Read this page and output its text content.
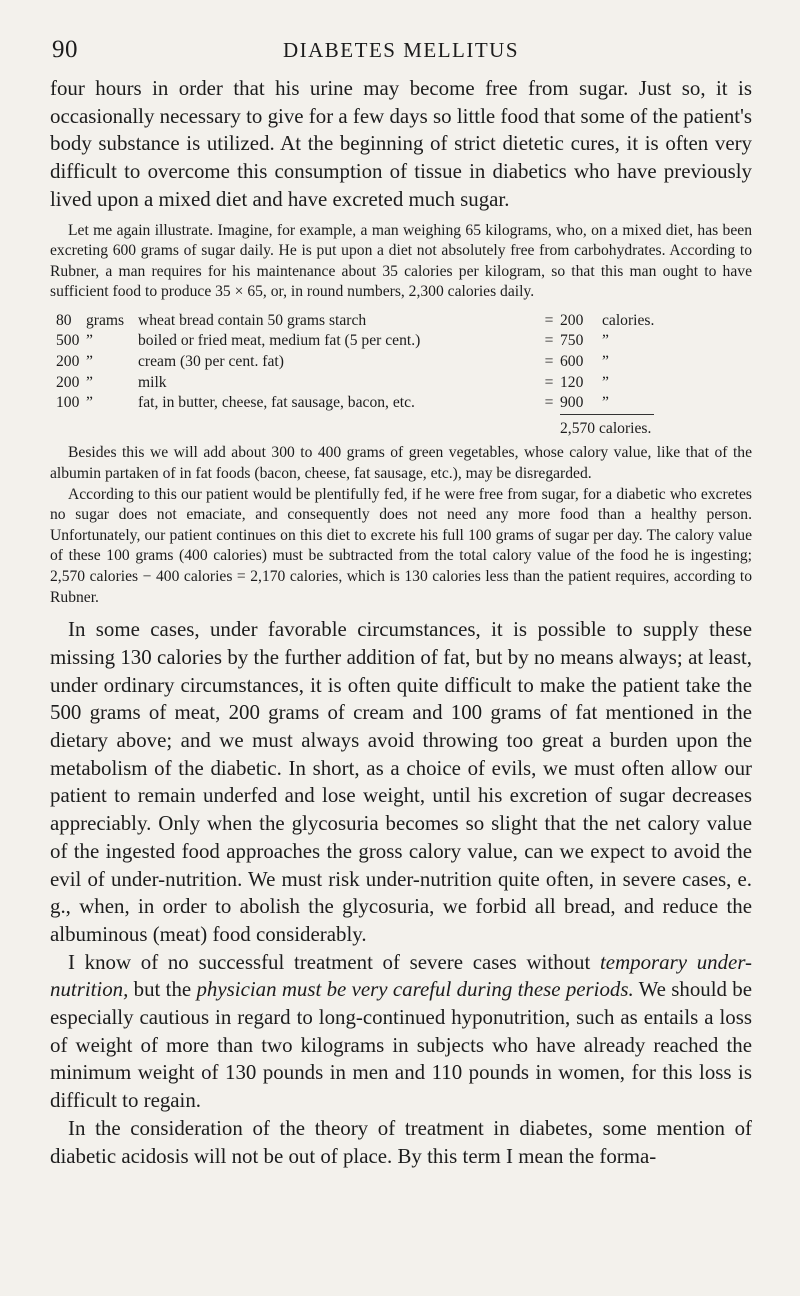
90	DIABETES MELLITUS

four hours in order that his urine may become free from sugar. Just so, it is occasionally necessary to give for a few days so little food that some of the patient's body substance is utilized. At the beginning of strict dietetic cures, it is often very difficult to overcome this consumption of tissue in diabetics who have previously lived upon a mixed diet and have excreted much sugar.

Let me again illustrate. Imagine, for example, a man weighing 65 kilograms, who, on a mixed diet, has been excreting 600 grams of sugar daily. He is put upon a diet not absolutely free from carbohydrates. According to Rubner, a man requires for his maintenance about 35 calories per kilogram, so that this man ought to have sufficient food to produce 35 × 65, or, in round numbers, 2,300 calories daily.

80	grams	wheat bread contain 50 grams starch	=	200	calories.
500	”	boiled or fried meat, medium fat (5 per cent.)	=	750	”
200	”	cream (30 per cent. fat)	=	600	”
200	”	milk	=	120	”
100	”	fat, in butter, cheese, fat sausage, bacon, etc.	=	900	”
				2,570 calories.	

Besides this we will add about 300 to 400 grams of green vegetables, whose calory value, like that of the albumin partaken of in fat foods (bacon, cheese, fat sausage, etc.), may be disregarded.

According to this our patient would be plentifully fed, if he were free from sugar, for a diabetic who excretes no sugar does not emaciate, and consequently does not need any more food than a healthy person. Unfortunately, our patient continues on this diet to excrete his full 100 grams of sugar per day. The calory value of these 100 grams (400 calories) must be subtracted from the total calory value of the food he is ingesting; 2,570 calories − 400 calories = 2,170 calories, which is 130 calories less than the patient requires, according to Rubner.

In some cases, under favorable circumstances, it is possible to supply these missing 130 calories by the further addition of fat, but by no means always; at least, under ordinary circumstances, it is often quite difficult to make the patient take the 500 grams of meat, 200 grams of cream and 100 grams of fat mentioned in the dietary above; and we must always avoid throwing too great a burden upon the metabolism of the diabetic. In short, as a choice of evils, we must often allow our patient to remain underfed and lose weight, until his excretion of sugar decreases appreciably. Only when the glycosuria becomes so slight that the net calory value of the ingested food approaches the gross calory value, can we expect to avoid the evil of under-nutrition. We must risk under-nutrition quite often, in severe cases, e. g., when, in order to abolish the glycosuria, we forbid all bread, and reduce the albuminous (meat) food considerably.

I know of no successful treatment of severe cases without temporary under-nutrition, but the physician must be very careful during these periods. We should be especially cautious in regard to long-continued hyponutrition, such as entails a loss of weight of more than two kilograms in subjects who have already reached the minimum weight of 130 pounds in men and 110 pounds in women, for this loss is difficult to regain.

In the consideration of the theory of treatment in diabetes, some mention of diabetic acidosis will not be out of place. By this term I mean the forma-
